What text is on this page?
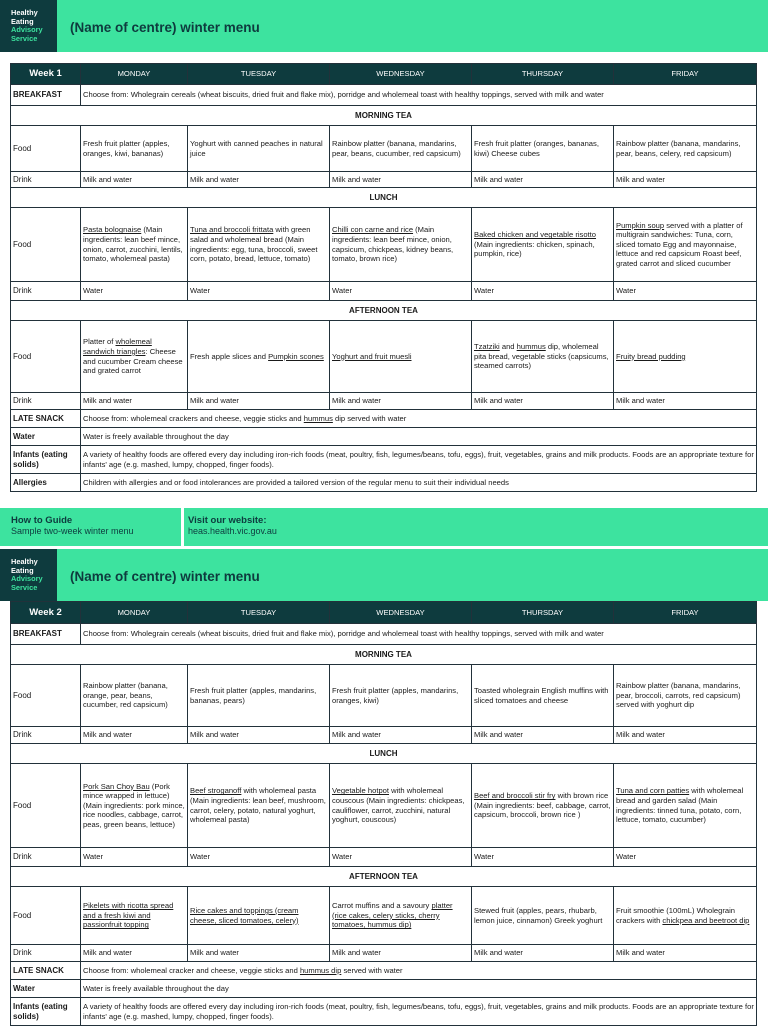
Healthy
Eating
Advisory
Service
(Name of centre) winter menu
Week 1	MONDAY	TUESDAY	WEDNESDAY	THURSDAY	FRIDAY
BREAKFAST	Choose from: Wholegrain cereals (wheat biscuits, dried fruit and flake mix), porridge and wholemeal toast with healthy toppings, served with milk and water				
MORNING TEA					
Food	Fresh fruit platter (apples, oranges, kiwi, bananas)	Yoghurt with canned peaches in natural juice	Rainbow platter (banana, mandarins, pear, beans, cucumber, red capsicum)	Fresh fruit platter (oranges, bananas, kiwi) Cheese cubes	Rainbow platter (banana, mandarins, pear, beans, celery, red capsicum)
Drink	Milk and water	Milk and water	Milk and water	Milk and water	Milk and water
LUNCH					
Food	Pasta bolognaise (Main ingredients: lean beef mince, onion, carrot, zucchini, lentils, tomato, wholemeal pasta)	Tuna and broccoli frittata with green salad and wholemeal bread (Main ingredients: egg, tuna, broccoli, sweet corn, potato, bread, lettuce, tomato)	Chilli con carne and rice (Main ingredients: lean beef mince, onion, capsicum, chickpeas, kidney beans, tomato, brown rice)	Baked chicken and vegetable risotto (Main ingredients: chicken, spinach, pumpkin, rice)	Pumpkin soup served with a platter of multigrain sandwiches: Tuna, corn, sliced tomato Egg and mayonnaise, lettuce and red capsicum Roast beef, grated carrot and sliced cucumber
Drink	Water	Water	Water	Water	Water
AFTERNOON TEA					
Food	Platter of wholemeal sandwich triangles: Cheese and cucumber Cream cheese and grated carrot	Fresh apple slices and Pumpkin scones	Yoghurt and fruit muesli	Tzatziki and hummus dip, wholemeal pita bread, vegetable sticks (capsicums, steamed carrots)	Fruity bread pudding
Drink	Milk and water	Milk and water	Milk and water	Milk and water	Milk and water
LATE SNACK	Choose from: wholemeal crackers and cheese, veggie sticks and hummus dip served with water				
Water	Water is freely available throughout the day				
Infants (eating solids)	A variety of healthy foods are offered every day including iron-rich foods (meat, poultry, fish, legumes/beans, tofu, eggs), fruit, vegetables, grains and milk products. Foods are an appropriate texture for infants' age (e.g. mashed, lumpy, chopped, finger foods).				
Allergies	Children with allergies and or food intolerances are provided a tailored version of the regular menu to suit their individual needs				
How to Guide
Sample two-week winter menu
Visit our website:
heas.health.vic.gov.au
Healthy
Eating
Advisory
Service
(Name of centre) winter menu
Week 2	MONDAY	TUESDAY	WEDNESDAY	THURSDAY	FRIDAY
BREAKFAST	Choose from: Wholegrain cereals (wheat biscuits, dried fruit and flake mix), porridge and wholemeal toast with healthy toppings, served with milk and water				
MORNING TEA					
Food	Rainbow platter (banana, orange, pear, beans, cucumber, red capsicum)	Fresh fruit platter (apples, mandarins, bananas, pears)	Fresh fruit platter (apples, mandarins, oranges, kiwi)	Toasted wholegrain English muffins with sliced tomatoes and cheese	Rainbow platter (banana, mandarins, pear, broccoli, carrots, red capsicum) served with yoghurt dip
Drink	Milk and water	Milk and water	Milk and water	Milk and water	Milk and water
LUNCH					
Food	Pork San Choy Bau (Pork mince wrapped in lettuce) (Main ingredients: pork mince, rice noodles, cabbage, carrot, peas, green beans, lettuce)	Beef stroganoff with wholemeal pasta (Main ingredients: lean beef, mushroom, carrot, celery, potato, natural yoghurt, wholemeal pasta)	Vegetable hotpot with wholemeal couscous (Main ingredients: chickpeas, cauliflower, carrot, zucchini, natural yoghurt, couscous)	Beef and broccoli stir fry with brown rice (Main ingredients: beef, cabbage, carrot, capsicum, broccoli, brown rice )	Tuna and corn patties with wholemeal bread and garden salad (Main ingredients: tinned tuna, potato, corn, lettuce, tomato, cucumber)
Drink	Water	Water	Water	Water	Water
AFTERNOON TEA					
Food	Pikelets with ricotta spread and a fresh kiwi and passionfruit topping	Rice cakes and toppings (cream cheese, sliced tomatoes, celery)	Carrot muffins and a savoury platter (rice cakes, celery sticks, cherry tomatoes, hummus dip)	Stewed fruit (apples, pears, rhubarb, lemon juice, cinnamon) Greek yoghurt	Fruit smoothie (100mL) Wholegrain crackers with chickpea and beetroot dip
Drink	Milk and water	Milk and water	Milk and water	Milk and water	Milk and water
LATE SNACK	Choose from: wholemeal cracker and cheese, veggie sticks and hummus dip served with water				
Water	Water is freely available throughout the day				
Infants (eating solids)	A variety of healthy foods are offered every day including iron-rich foods (meat, poultry, fish, legumes/beans, tofu, eggs), fruit, vegetables, grains and milk products. Foods are an appropriate texture for infants' age (e.g. mashed, lumpy, chopped, finger foods).				
